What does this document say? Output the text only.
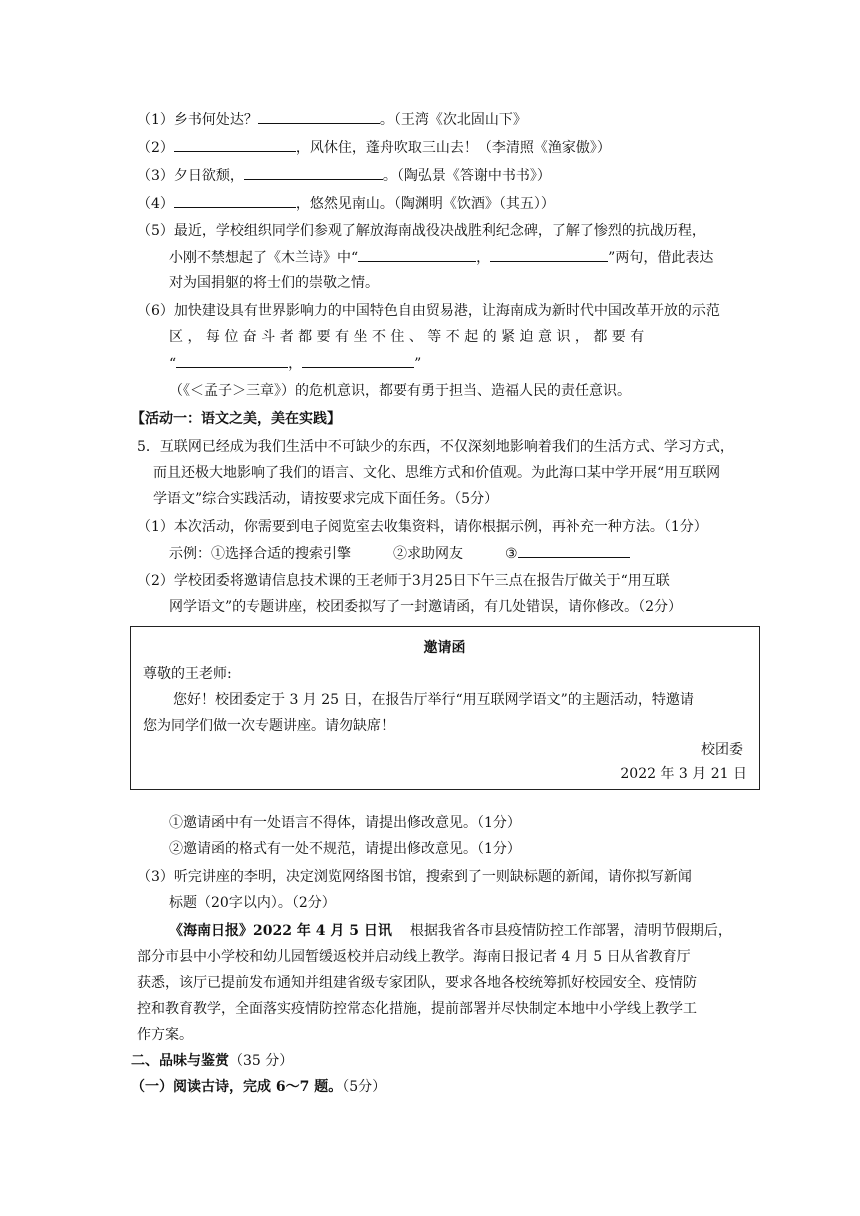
（1）乡书何处达？	。（王湾《次北固山下》
（2）	，风休住，蓬舟吹取三山去！（李清照《渔家傲》）
（3）夕日欲颓，	。（陶弘景《答谢中书书》）
（4）	，悠然见南山。（陶渊明《饮酒》（其五））
（5）最近，学校组织同学们参观了解放海南战役决战胜利纪念碑，了解了惨烈的抗战历程，
小刚不禁想起了《木兰诗》中“	，	”两句，借此表达
对为国捐躯的将士们的崇敬之情。
（6）加快建设具有世界影响力的中国特色自由贸易港，让海南成为新时代中国改革开放的示范
区 ， 每 位 奋 斗 者 都 要 有 坐 不 住 、 等 不 起 的 紧 迫 意 识 ， 都 要 有
“	，	”
（《＜孟子＞三章》）的危机意识，都要有勇于担当、造福人民的责任意识。
【活动一：语文之美，美在实践】
5．互联网已经成为我们生活中不可缺少的东西，不仅深刻地影响着我们的生活方式、学习方式，
而且还极大地影响了我们的语言、文化、思维方式和价值观。为此海口某中学开展“用互联网
学语文”综合实践活动，请按要求完成下面任务。（5分）
（1）本次活动，你需要到电子阅览室去收集资料，请你根据示例，再补充一种方法。（1分）
示例：①选择合适的搜索引擎	②求助网友	③
（2）学校团委将邀请信息技术课的王老师于3月25日下午三点在报告厅做关于“用互联
网学语文”的专题讲座，校团委拟写了一封邀请函，有几处错误，请你修改。（2分）
邀请函
尊敬的王老师:
您好！校团委定于 3 月 25 日，在报告厅举行“用互联网学语文”的主题活动，特邀请
您为同学们做一次专题讲座。请勿缺席！
校团委
2022 年 3 月 21 日
①邀请函中有一处语言不得体，请提出修改意见。（1分）
②邀请函的格式有一处不规范，请提出修改意见。（1分）
（3）听完讲座的李明，决定浏览网络图书馆，搜索到了一则缺标题的新闻，请你拟写新闻
标题（20字以内）。（2分）
《海南日报》2022 年 4 月 5 日讯 根据我省各市县疫情防控工作部署，清明节假期后，
部分市县中小学校和幼儿园暂缓返校并启动线上教学。海南日报记者 4 月 5 日从省教育厅
获悉，该厅已提前发布通知并组建省级专家团队，要求各地各校统筹抓好校园安全、疫情防
控和教育教学，全面落实疫情防控常态化措施，提前部署并尽快制定本地中小学线上教学工
作方案。
二、品味与鉴赏（35 分）
（一）阅读古诗，完成 6～7 题。（5分）
